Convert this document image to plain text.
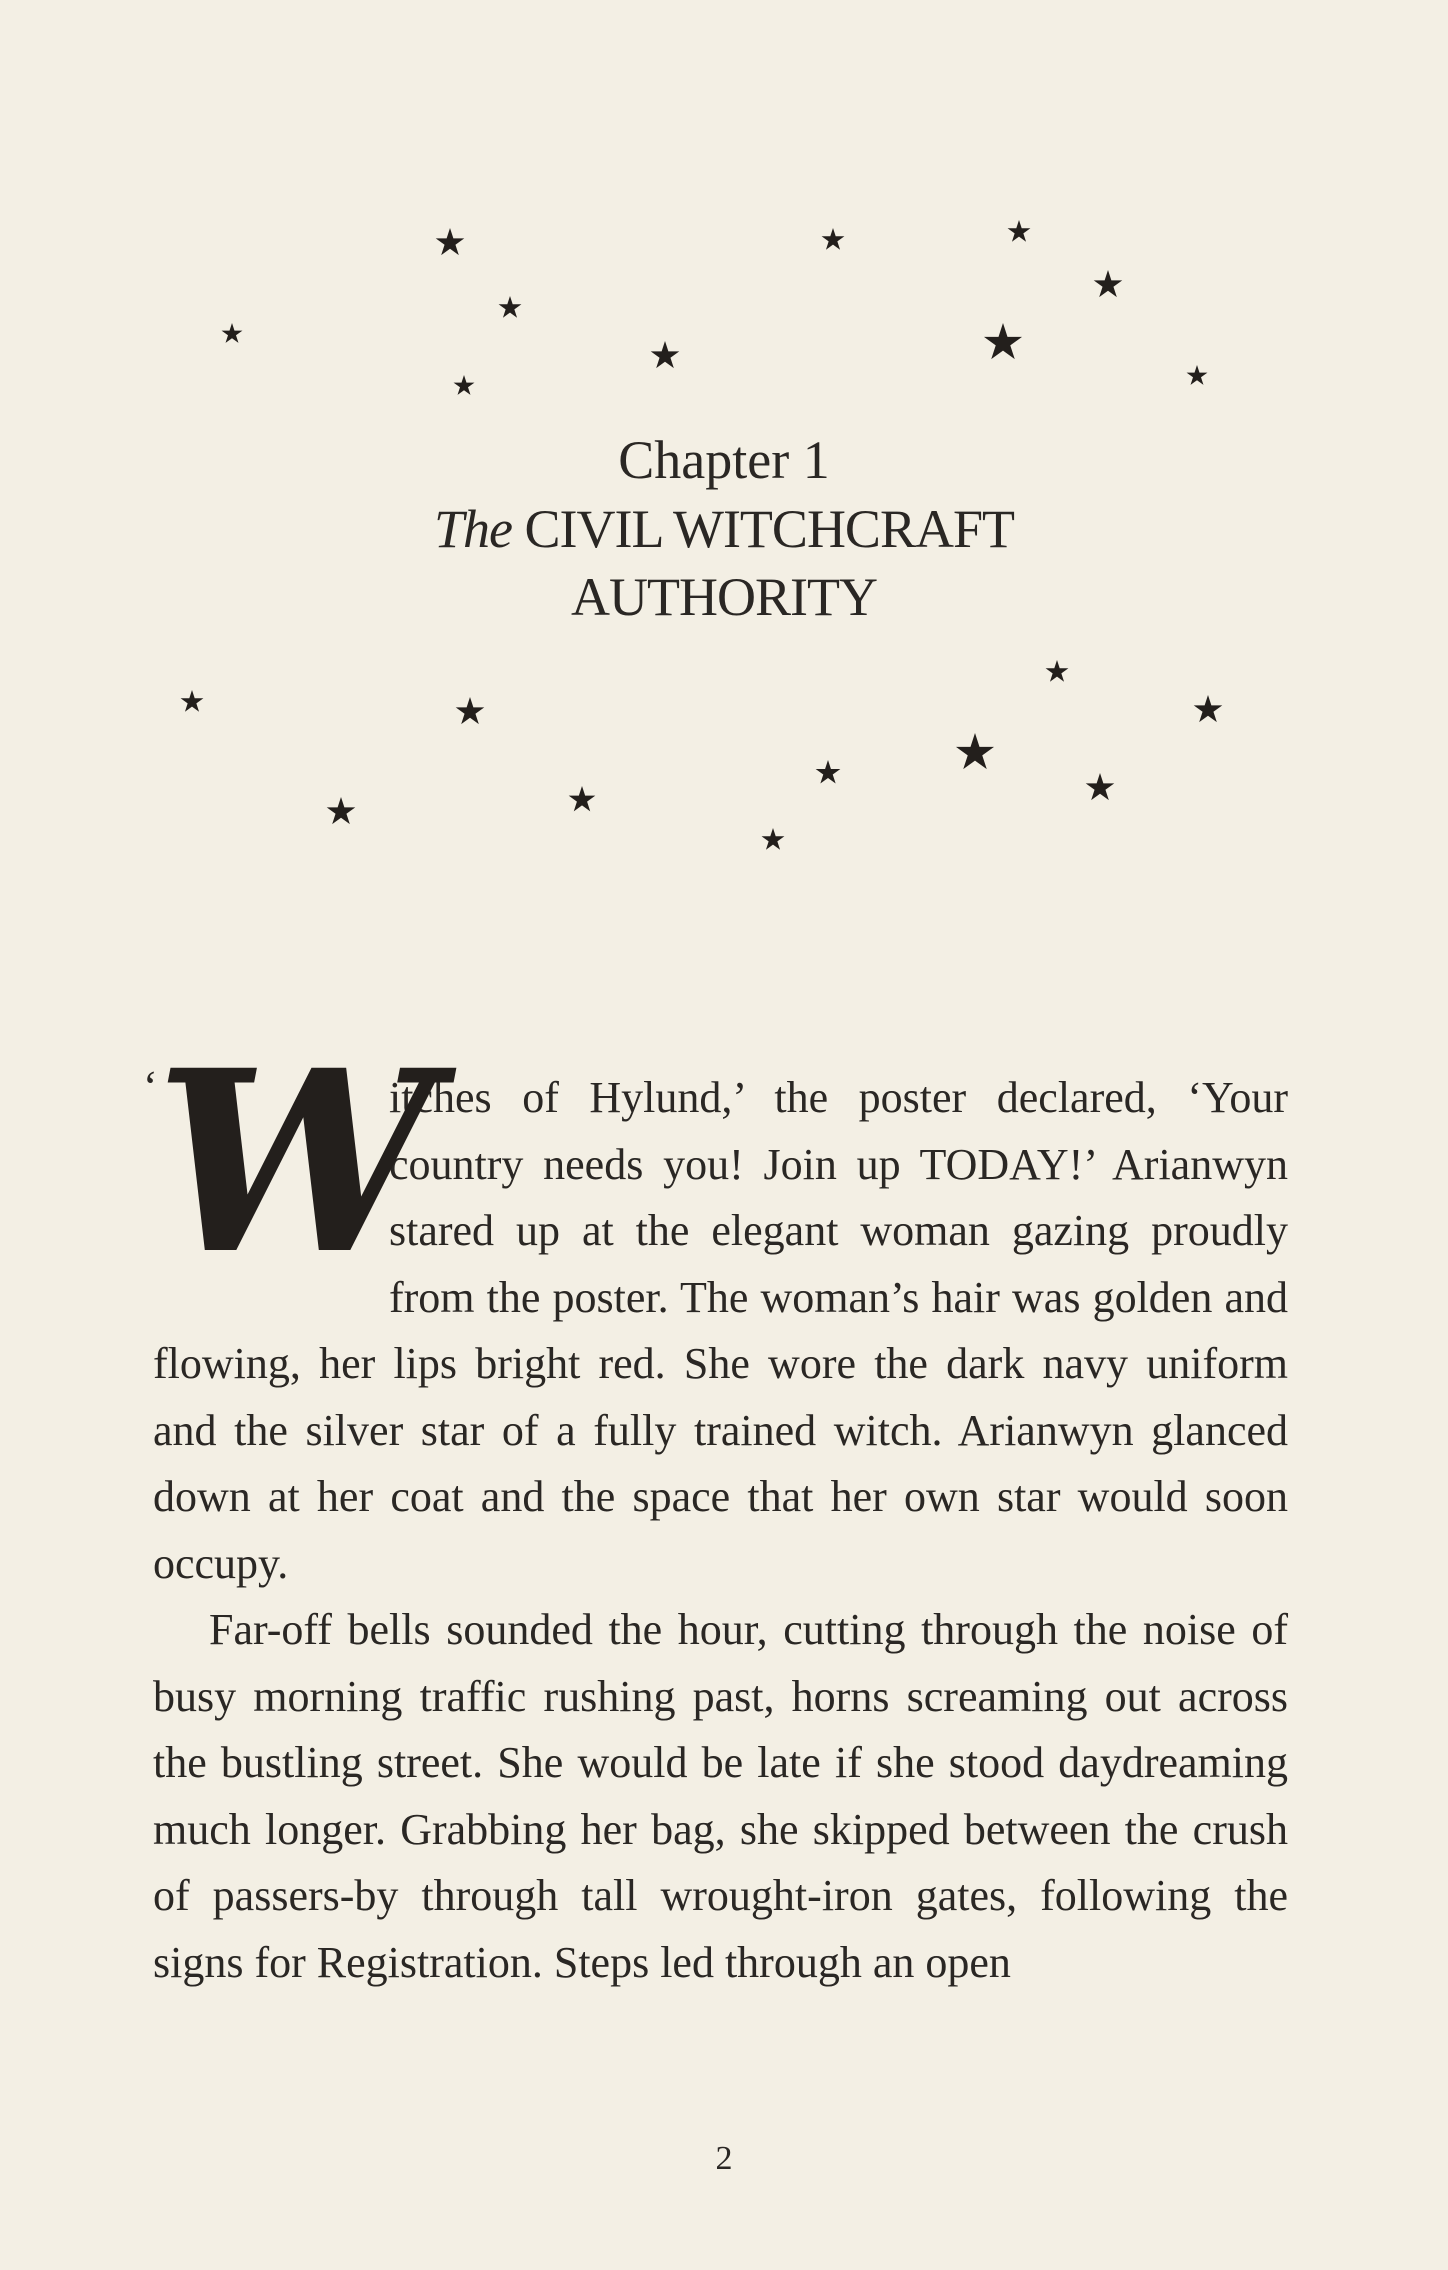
Chapter 1
The CIVIL WITCHCRAFT
AUTHORITY

‘
W
itches of Hylund,’ the poster declared, ‘Your country needs you! Join up TODAY!’ Arianwyn stared up at the elegant woman gazing proudly from the poster. The woman’s hair was golden and flowing, her lips bright red. She wore the dark navy uniform and the silver star of a fully trained witch. Arianwyn glanced down at her coat and the space that her own star would soon occupy.

Far-off bells sounded the hour, cutting through the noise of busy morning traffic rushing past, horns screaming out across the bustling street. She would be late if she stood daydreaming much longer. Grabbing her bag, she skipped between the crush of passers-by through tall wrought-iron gates, following the signs for Registration. Steps led through an open

2
